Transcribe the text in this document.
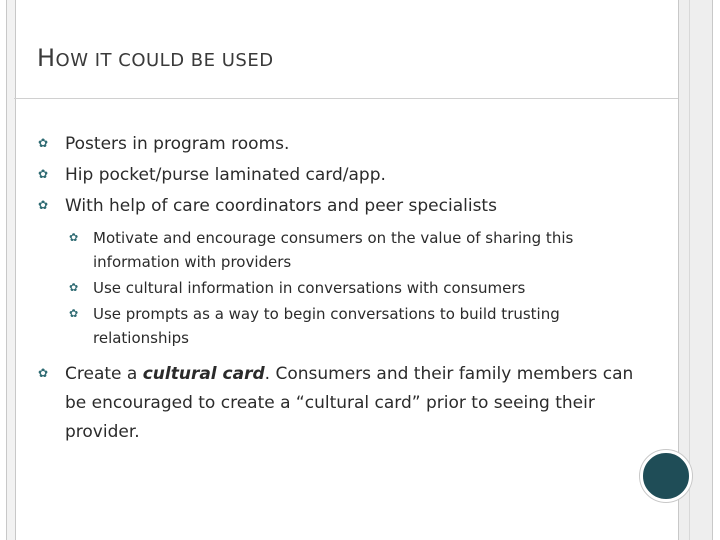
HOW IT COULD BE USED
✿ Posters in program rooms.
✿ Hip pocket/purse laminated card/app.
✿ With help of care coordinators and peer specialists
✿ Motivate and encourage consumers on the value of sharing this information with providers
✿ Use cultural information in conversations with consumers
✿ Use prompts as a way to begin conversations to build trusting relationships
✿ Create a cultural card. Consumers and their family members can be encouraged to create a “cultural card” prior to seeing their provider.
